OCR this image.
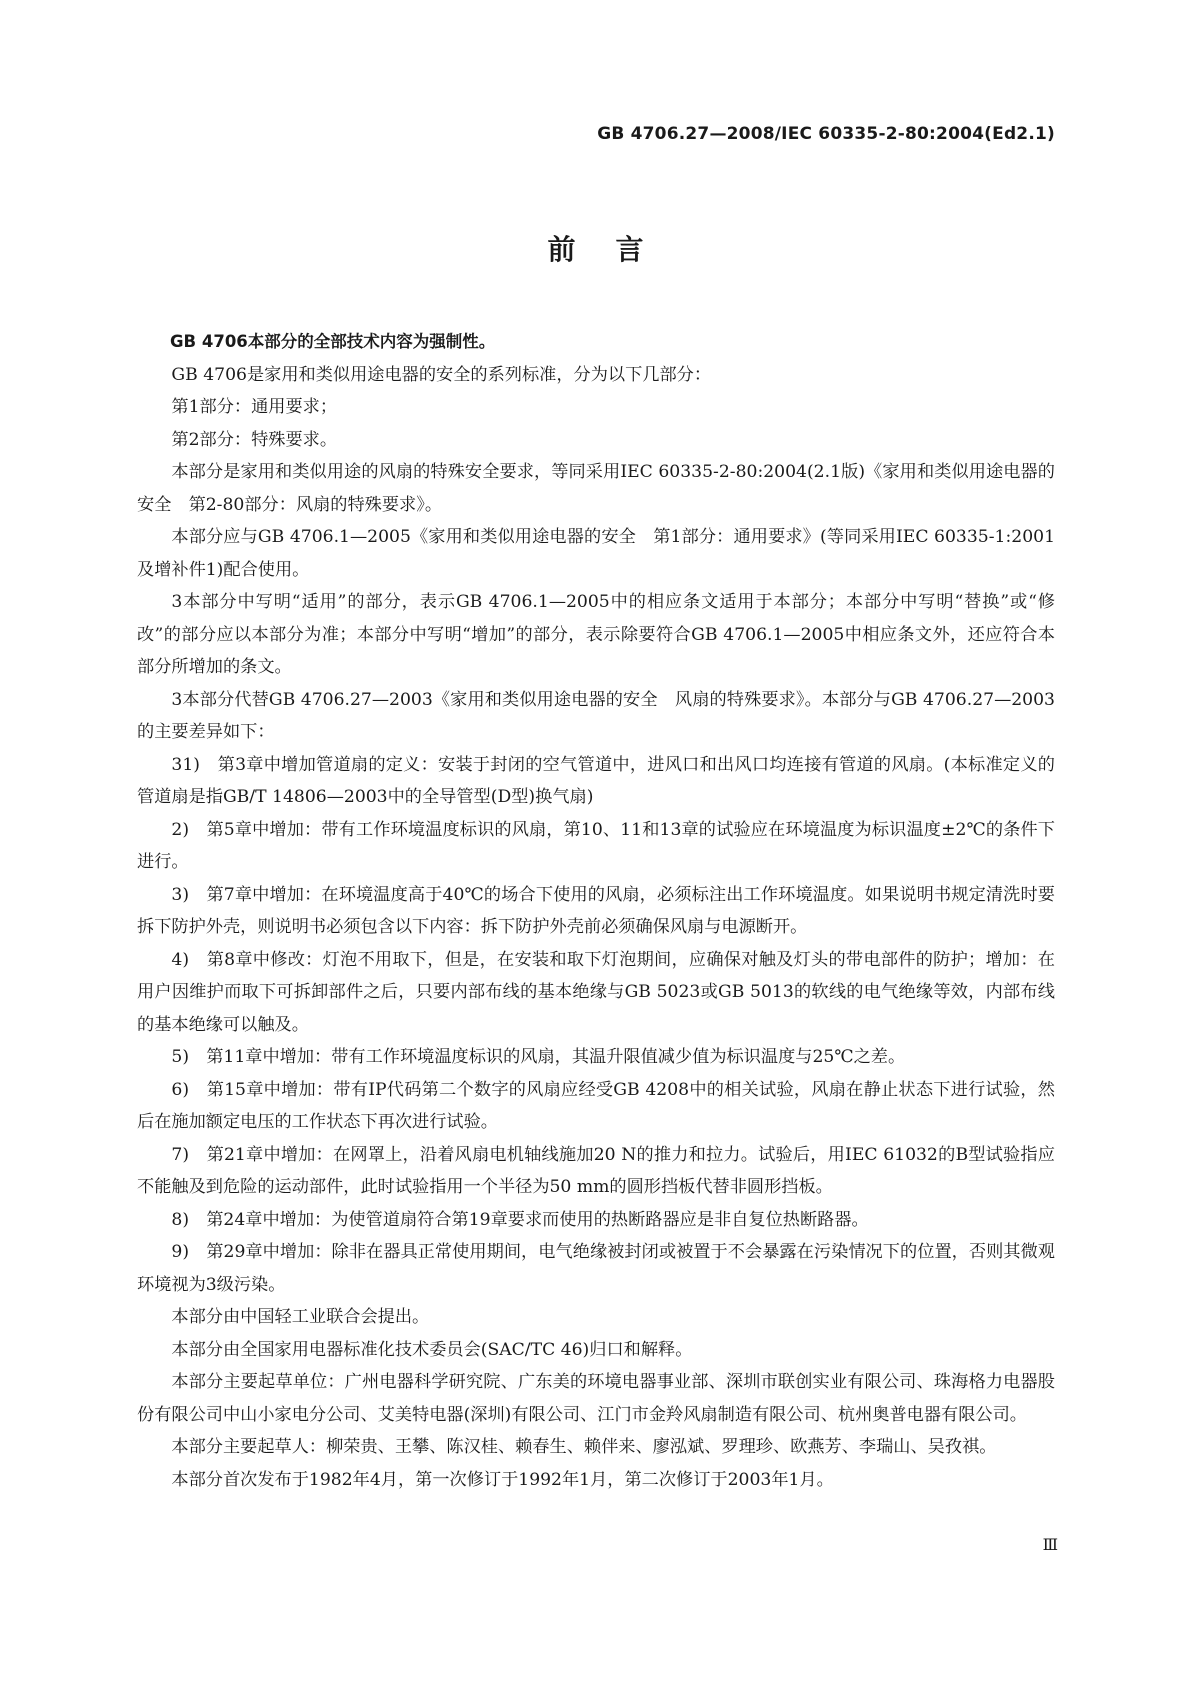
GB 4706.27—2008/IEC 60335-2-80:2004(Ed2.1)
前言

GB 4706本部分的全部技术内容为强制性。

GB 4706是家用和类似用途电器的安全的系列标准，分为以下几部分：

第1部分：通用要求；

第2部分：特殊要求。

本部分是家用和类似用途的风扇的特殊安全要求，等同采用IEC 60335-2-80:2004(2.1版)《家用和类似用途电器的安全　第2-80部分：风扇的特殊要求》。

本部分应与GB 4706.1—2005《家用和类似用途电器的安全　第1部分：通用要求》(等同采用IEC 60335-1:2001及增补件1)配合使用。

3本部分中写明“适用”的部分，表示GB 4706.1—2005中的相应条文适用于本部分；本部分中写明“替换”或“修改”的部分应以本部分为准；本部分中写明“增加”的部分，表示除要符合GB 4706.1—2005中相应条文外，还应符合本部分所增加的条文。

3本部分代替GB 4706.27—2003《家用和类似用途电器的安全　风扇的特殊要求》。本部分与GB 4706.27—2003的主要差异如下：

31)　第3章中增加管道扇的定义：安装于封闭的空气管道中，进风口和出风口均连接有管道的风扇。(本标准定义的管道扇是指GB/T 14806—2003中的全导管型(D型)换气扇)

2)　第5章中增加：带有工作环境温度标识的风扇，第10、11和13章的试验应在环境温度为标识温度±2℃的条件下进行。

3)　第7章中增加：在环境温度高于40℃的场合下使用的风扇，必须标注出工作环境温度。如果说明书规定清洗时要拆下防护外壳，则说明书必须包含以下内容：拆下防护外壳前必须确保风扇与电源断开。

4)　第8章中修改：灯泡不用取下，但是，在安装和取下灯泡期间，应确保对触及灯头的带电部件的防护；增加：在用户因维护而取下可拆卸部件之后，只要内部布线的基本绝缘与GB 5023或GB 5013的软线的电气绝缘等效，内部布线的基本绝缘可以触及。

5)　第11章中增加：带有工作环境温度标识的风扇，其温升限值减少值为标识温度与25℃之差。

6)　第15章中增加：带有IP代码第二个数字的风扇应经受GB 4208中的相关试验，风扇在静止状态下进行试验，然后在施加额定电压的工作状态下再次进行试验。

7)　第21章中增加：在网罩上，沿着风扇电机轴线施加20 N的推力和拉力。试验后，用IEC 61032的B型试验指应不能触及到危险的运动部件，此时试验指用一个半径为50 mm的圆形挡板代替非圆形挡板。

8)　第24章中增加：为使管道扇符合第19章要求而使用的热断路器应是非自复位热断路器。

9)　第29章中增加：除非在器具正常使用期间，电气绝缘被封闭或被置于不会暴露在污染情况下的位置，否则其微观环境视为3级污染。

本部分由中国轻工业联合会提出。

本部分由全国家用电器标准化技术委员会(SAC/TC 46)归口和解释。

本部分主要起草单位：广州电器科学研究院、广东美的环境电器事业部、深圳市联创实业有限公司、珠海格力电器股份有限公司中山小家电分公司、艾美特电器(深圳)有限公司、江门市金羚风扇制造有限公司、杭州奥普电器有限公司。

本部分主要起草人：柳荣贵、王攀、陈汉桂、赖春生、赖伴来、廖泓斌、罗理珍、欧燕芳、李瑞山、吴孜祺。

本部分首次发布于1982年4月，第一次修订于1992年1月，第二次修订于2003年1月。

Ⅲ
